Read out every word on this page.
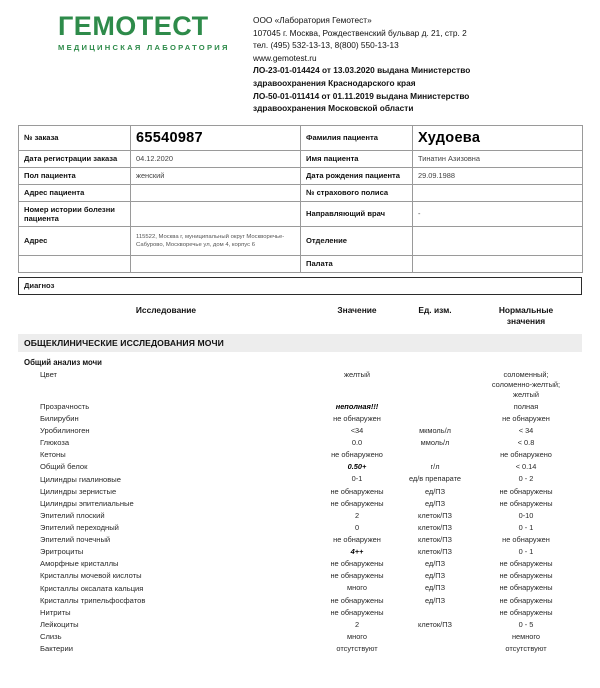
ГЕМОТЕСТ
МЕДИЦИНСКАЯ ЛАБОРАТОРИЯ
ООО «Лаборатория Гемотест»
107045 г. Москва, Рождественский бульвар д. 21, стр. 2
тел. (495) 532-13-13, 8(800) 550-13-13
www.gemotest.ru
ЛО-23-01-014424 от 13.03.2020 выдана Министерство
здравоохранения Краснодарского края
ЛО-50-01-011414 от 01.11.2019 выдана Министерство
здравоохранения Московской области
№ заказа	65540987	Фамилия пациента	Худоева
Дата регистрации заказа	04.12.2020	Имя пациента	Тинатин Азизовна
Пол пациента	женский	Дата рождения пациента	29.09.1988
Адрес пациента		№ страхового полиса	
Номер истории болезни пациента		Направляющий врач	-
Адрес	115522, Москва г, муниципальный округ Москворечье-Сабурово, Москворечье ул, дом 4, корпус 6	Отделение	
		Палата	
Диагноз
Исследование	Значение	Ед. изм.	Нормальные
значения

ОБЩЕКЛИНИЧЕСКИЕ ИССЛЕДОВАНИЯ МОЧИ			
Общий анализ мочи			
Цвет	желтый		соломенный;
соломенно-желтый;
желтый
Прозрачность	неполная!!!		полная
Билирубин	не обнаружен		не обнаружен
Уробилиноген	<34	мкмоль/л	< 34
Глюкоза	0.0	ммоль/л	< 0.8
Кетоны	не обнаружено		не обнаружено
Общий белок	0.50+	г/л	< 0.14
Цилиндры гиалиновые	0-1	ед/в препарате	0 - 2
Цилиндры зернистые	не обнаружены	ед/ПЗ	не обнаружены
Цилиндры эпителиальные	не обнаружены	ед/ПЗ	не обнаружены
Эпителий плоский	2	клеток/ПЗ	0-10
Эпителий переходный	0	клеток/ПЗ	0 - 1
Эпителий почечный	не обнаружен	клеток/ПЗ	не обнаружен
Эритроциты	4++	клеток/ПЗ	0 - 1
Аморфные кристаллы	не обнаружены	ед/ПЗ	не обнаружены
Кристаллы мочевой кислоты	не обнаружены	ед/ПЗ	не обнаружены
Кристаллы оксалата кальция	много	ед/ПЗ	не обнаружены
Кристаллы трипельфосфатов	не обнаружены	ед/ПЗ	не обнаружены
Нитриты	не обнаружены		не обнаружены
Лейкоциты	2	клеток/ПЗ	0 - 5
Слизь	много		немного
Бактерии	отсутствуют		отсутствуют
